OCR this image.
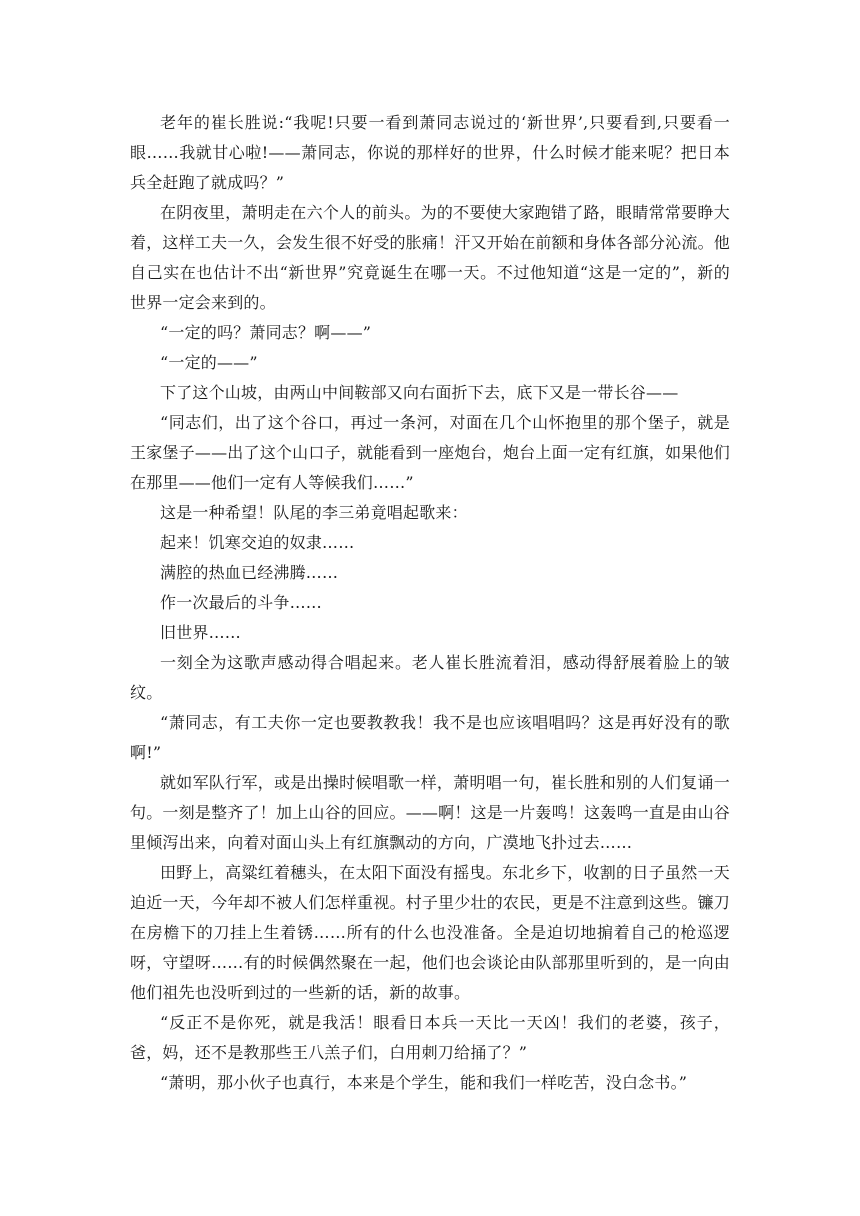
老年的崔长胜说:“我呢!只要一看到萧同志说过的‘新世界’,只要看到,只要看一眼……我就甘心啦!——萧同志，你说的那样好的世界，什么时候才能来呢？把日本兵全赶跑了就成吗？”

在阴夜里，萧明走在六个人的前头。为的不要使大家跑错了路，眼睛常常要睁大着，这样工夫一久，会发生很不好受的胀痛！汗又开始在前额和身体各部分沁流。他自己实在也估计不出“新世界”究竟诞生在哪一天。不过他知道“这是一定的”，新的世界一定会来到的。

“一定的吗？萧同志？啊——”

“一定的——”

下了这个山坡，由两山中间鞍部又向右面折下去，底下又是一带长谷——

“同志们，出了这个谷口，再过一条河，对面在几个山怀抱里的那个堡子，就是王家堡子——出了这个山口子，就能看到一座炮台，炮台上面一定有红旗，如果他们在那里——他们一定有人等候我们……”

这是一种希望！队尾的李三弟竟唱起歌来：

起来！饥寒交迫的奴隶……

满腔的热血已经沸腾……

作一次最后的斗争……

旧世界……

一刻全为这歌声感动得合唱起来。老人崔长胜流着泪，感动得舒展着脸上的皱纹。

“萧同志，有工夫你一定也要教教我！我不是也应该唱唱吗？这是再好没有的歌啊!”

就如军队行军，或是出操时候唱歌一样，萧明唱一句，崔长胜和别的人们复诵一句。一刻是整齐了！加上山谷的回应。——啊！这是一片轰鸣！这轰鸣一直是由山谷里倾泻出来，向着对面山头上有红旗飘动的方向，广漠地飞扑过去……

田野上，高粱红着穗头，在太阳下面没有摇曳。东北乡下，收割的日子虽然一天迫近一天，今年却不被人们怎样重视。村子里少壮的农民，更是不注意到这些。镰刀在房檐下的刀挂上生着锈……所有的什么也没准备。全是迫切地掮着自己的枪巡逻呀，守望呀……有的时候偶然聚在一起，他们也会谈论由队部那里听到的，是一向由他们祖先也没听到过的一些新的话，新的故事。

“反正不是你死，就是我活！眼看日本兵一天比一天凶！我们的老婆，孩子，爸，妈，还不是教那些王八羔子们，白用刺刀给捅了？”

“萧明，那小伙子也真行，本来是个学生，能和我们一样吃苦，没白念书。”
